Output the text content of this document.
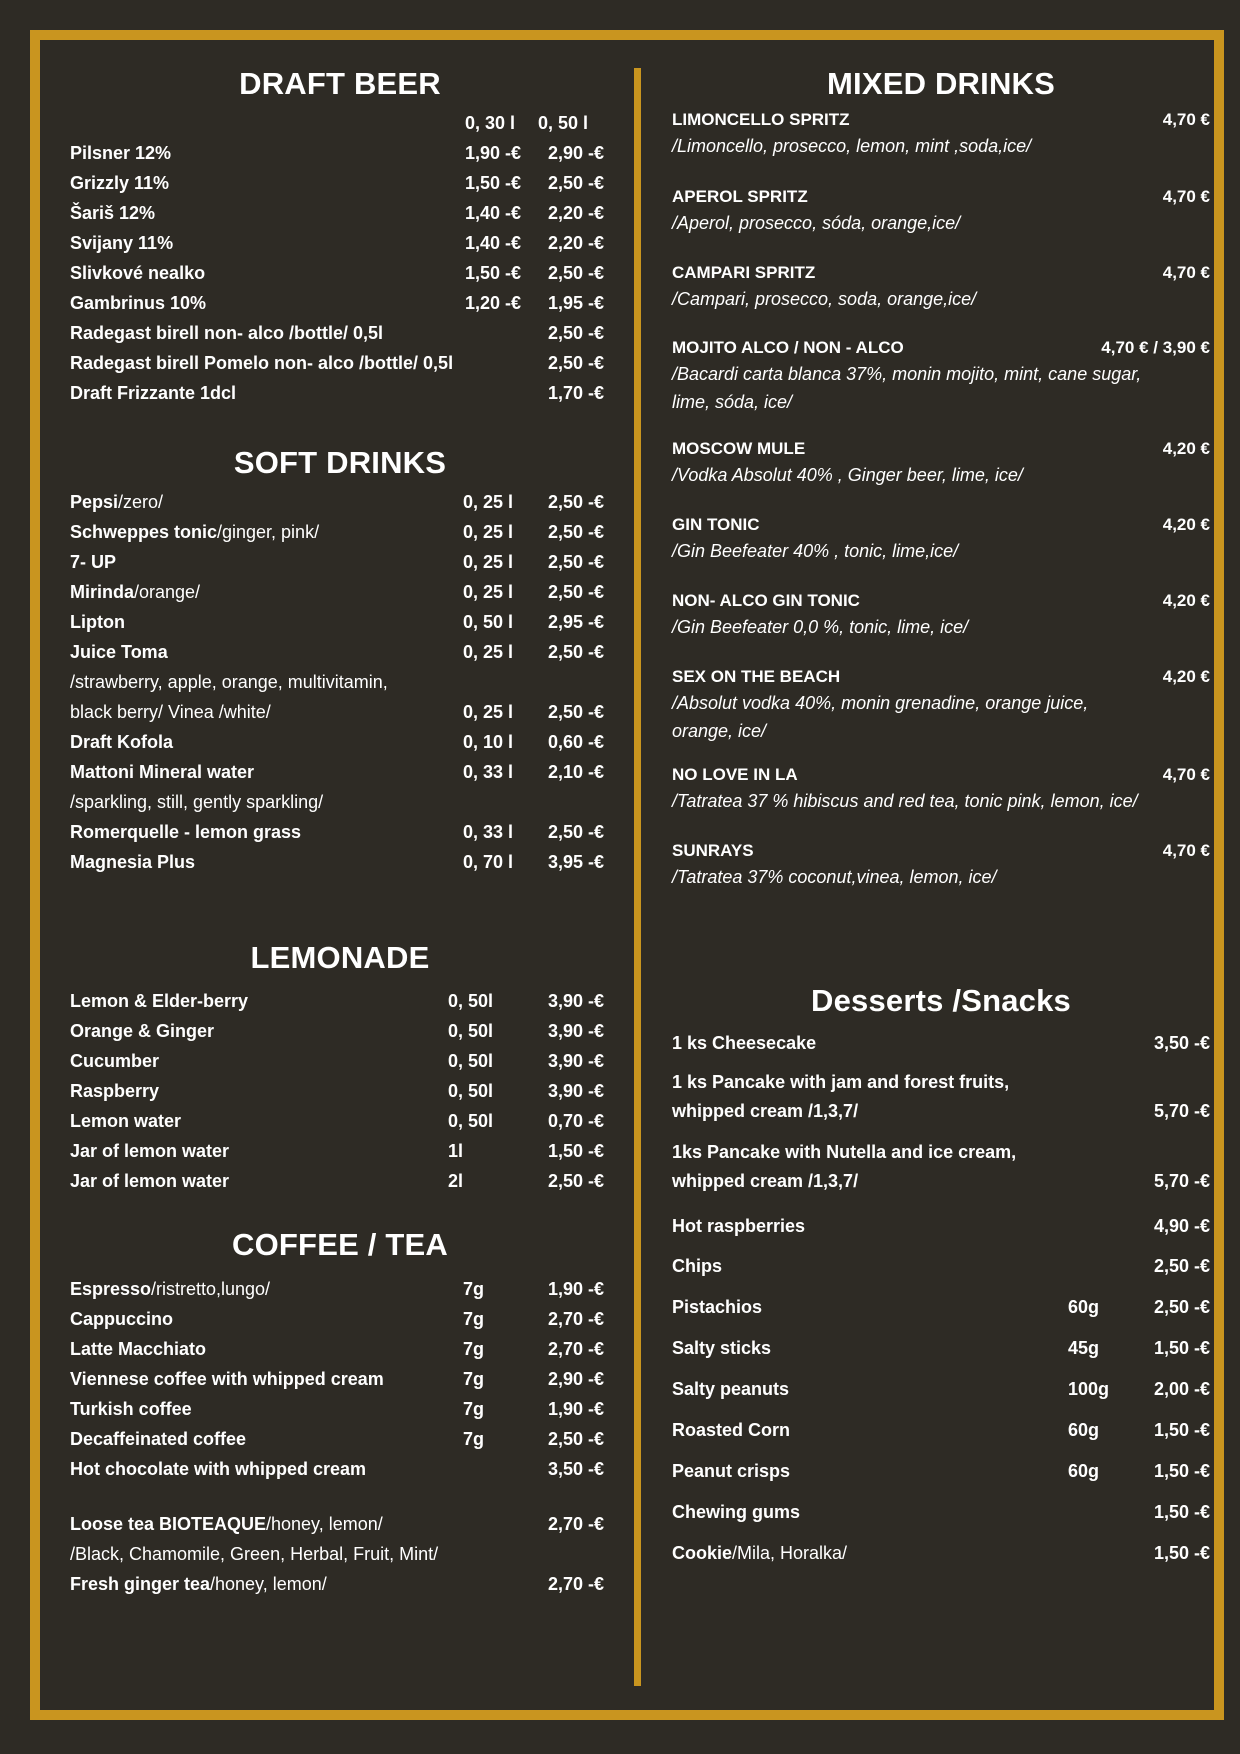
DRAFT BEER
0, 30 l 0, 50 l
Pilsner 12%	1,90 -€ 2,90 -€
Grizzly 11%	1,50 -€ 2,50 -€
Šariš 12%	1,40 -€ 2,20 -€
Svijany 11%	1,40 -€ 2,20 -€
Slivkové nealko	1,50 -€ 2,50 -€
Gambrinus 10%	1,20 -€ 1,95 -€
Radegast birell non- alco /bottle/ 0,5l	2,50 -€
Radegast birell Pomelo non- alco /bottle/ 0,5l	2,50 -€
Draft Frizzante 1dcl	1,70 -€
SOFT DRINKS
Pepsi /zero/	0, 25 l 2,50 -€
Schweppes tonic /ginger, pink/	0, 25 l 2,50 -€
7- UP	0, 25 l 2,50 -€
Mirinda /orange/	0, 25 l 2,50 -€
Lipton	0, 50 l 2,95 -€
Juice Toma	0, 25 l 2,50 -€
/strawberry, apple, orange, multivitamin,
black berry/ Vinea /white/	0, 25 l 2,50 -€
Draft Kofola	0, 10 l 0,60 -€
Mattoni Mineral water	0, 33 l 2,10 -€
/sparkling, still, gently sparkling/
Romerquelle - lemon grass	0, 33 l 2,50 -€
Magnesia Plus	0, 70 l 3,95 -€
LEMONADE
Lemon & Elder-berry	0, 50l	3,90 -€
Orange & Ginger	0, 50l	3,90 -€
Cucumber	0, 50l	3,90 -€
Raspberry	0, 50l	3,90 -€
Lemon water	0, 50l	0,70 -€
Jar of lemon water	1l	1,50 -€
Jar of lemon water	2l	2,50 -€
COFFEE / TEA
Espresso /ristretto,lungo/	7g	1,90 -€
Cappuccino	7g	2,70 -€
Latte Macchiato	7g	2,70 -€
Viennese coffee with whipped cream	7g	2,90 -€
Turkish coffee	7g	1,90 -€
Decaffeinated coffee	7g	2,50 -€
Hot chocolate with whipped cream	3,50 -€
Loose tea BIOTEAQUE /honey, lemon/	2,70 -€
/Black, Chamomile, Green, Herbal, Fruit, Mint/
Fresh ginger tea /honey, lemon/	2,70 -€
MIXED DRINKS
LIMONCELLO SPRITZ	4,70 €
/Limoncello, prosecco, lemon, mint ,soda,ice/
APEROL SPRITZ	4,70 €
/Aperol, prosecco, sóda, orange,ice/
CAMPARI SPRITZ	4,70 €
/Campari, prosecco, soda, orange,ice/
MOJITO ALCO / NON - ALCO	4,70 € / 3,90 €
/Bacardi carta blanca 37%, monin mojito, mint, cane sugar,
lime, sóda, ice/
MOSCOW MULE	4,20 €
/Vodka Absolut 40% , Ginger beer, lime, ice/
GIN TONIC	4,20 €
/Gin Beefeater 40% , tonic, lime,ice/
NON- ALCO GIN TONIC	4,20 €
/Gin Beefeater 0,0 %, tonic, lime, ice/
SEX ON THE BEACH	4,20 €
/Absolut vodka 40%, monin grenadine, orange juice,
orange, ice/
NO LOVE IN LA	4,70 €
/Tatratea 37 % hibiscus and red tea, tonic pink, lemon, ice/
SUNRAYS	4,70 €
/Tatratea 37% coconut,vinea, lemon, ice/
Desserts /Snacks
1 ks Cheesecake	3,50 -€
1 ks Pancake with jam and forest fruits,
whipped cream /1,3,7/	5,70 -€
1ks Pancake with Nutella and ice cream,
whipped cream /1,3,7/	5,70 -€
Hot raspberries	4,90 -€
Chips	2,50 -€
Pistachios	60g	2,50 -€
Salty sticks	45g	1,50 -€
Salty peanuts	100g 2,00 -€
Roasted Corn	60g	1,50 -€
Peanut crisps	60g	1,50 -€
Chewing gums	1,50 -€
Cookie /Mila, Horalka/	1,50 -€
